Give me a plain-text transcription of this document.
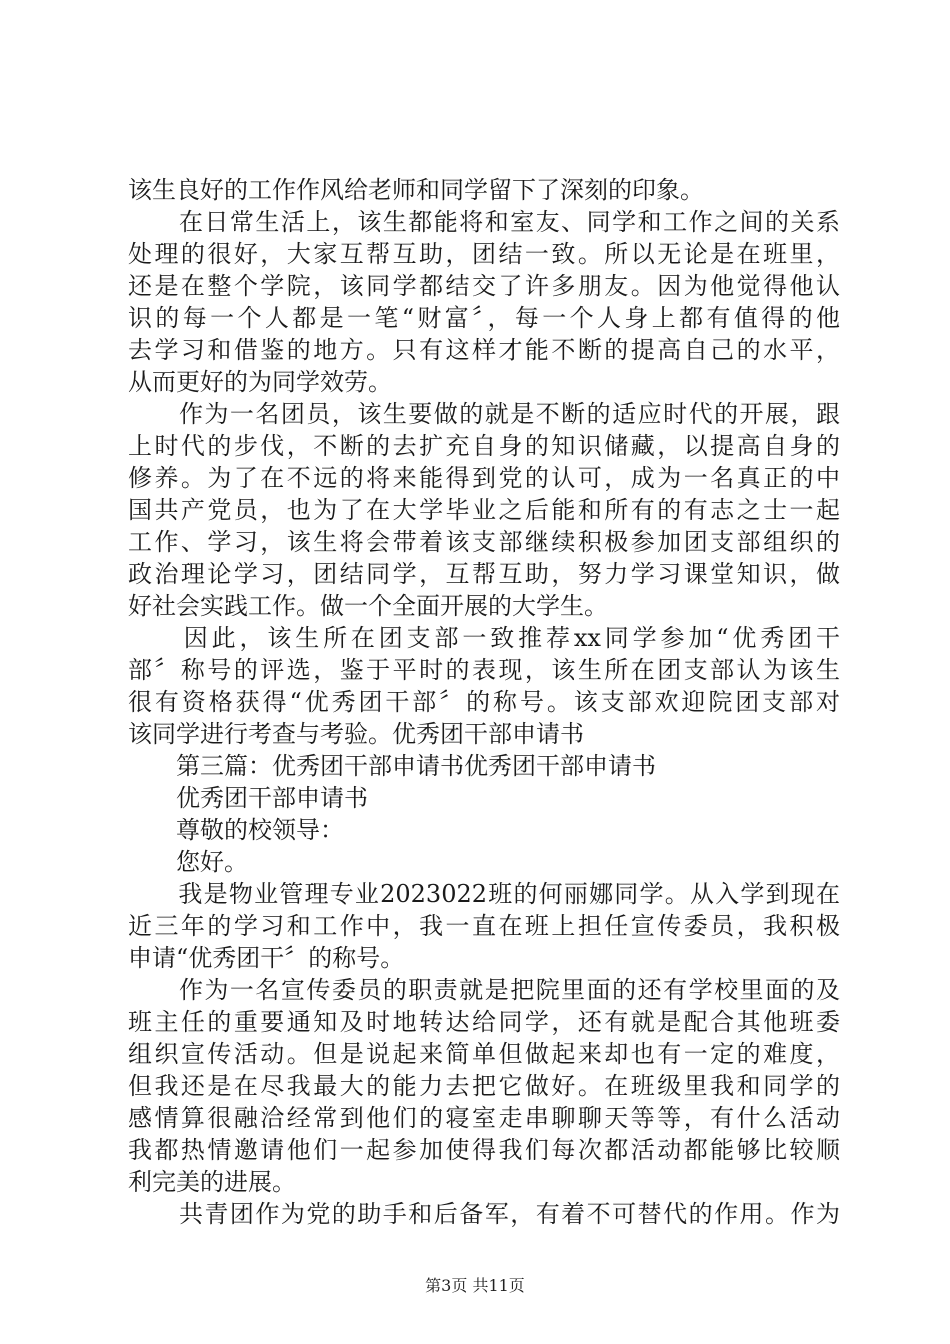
该生良好的工作作风给老师和同学留下了深刻的印象。
　　在日常生活上，该生都能将和室友、同学和工作之间的关系
处理的很好，大家互帮互助，团结一致。所以无论是在班里，
还是在整个学院，该同学都结交了许多朋友。因为他觉得他认
识的每一个人都是一笔“财富〞，每一个人身上都有值得的他
去学习和借鉴的地方。只有这样才能不断的提高自己的水平，
从而更好的为同学效劳。
　　作为一名团员，该生要做的就是不断的适应时代的开展，跟
上时代的步伐，不断的去扩充自身的知识储藏，以提高自身的
修养。为了在不远的将来能得到党的认可，成为一名真正的中
国共产党员，也为了在大学毕业之后能和所有的有志之士一起
工作、学习，该生将会带着该支部继续积极参加团支部组织的
政治理论学习，团结同学，互帮互助，努力学习课堂知识，做
好社会实践工作。做一个全面开展的大学生。
　　因此，该生所在团支部一致推荐xx同学参加“优秀团干
部〞称号的评选，鉴于平时的表现，该生所在团支部认为该生
很有资格获得“优秀团干部〞的称号。该支部欢迎院团支部对
该同学进行考查与考验。优秀团干部申请书
　　第三篇：优秀团干部申请书优秀团干部申请书
　　优秀团干部申请书
　　尊敬的校领导：
　　您好。
　　我是物业管理专业2023022班的何丽娜同学。从入学到现在
近三年的学习和工作中，我一直在班上担任宣传委员，我积极
申请“优秀团干〞的称号。
　　作为一名宣传委员的职责就是把院里面的还有学校里面的及
班主任的重要通知及时地转达给同学，还有就是配合其他班委
组织宣传活动。但是说起来简单但做起来却也有一定的难度，
但我还是在尽我最大的能力去把它做好。在班级里我和同学的
感情算很融洽经常到他们的寝室走串聊聊天等等，有什么活动
我都热情邀请他们一起参加使得我们每次都活动都能够比较顺
利完美的进展。
　　共青团作为党的助手和后备军，有着不可替代的作用。作为
第3页 共11页
